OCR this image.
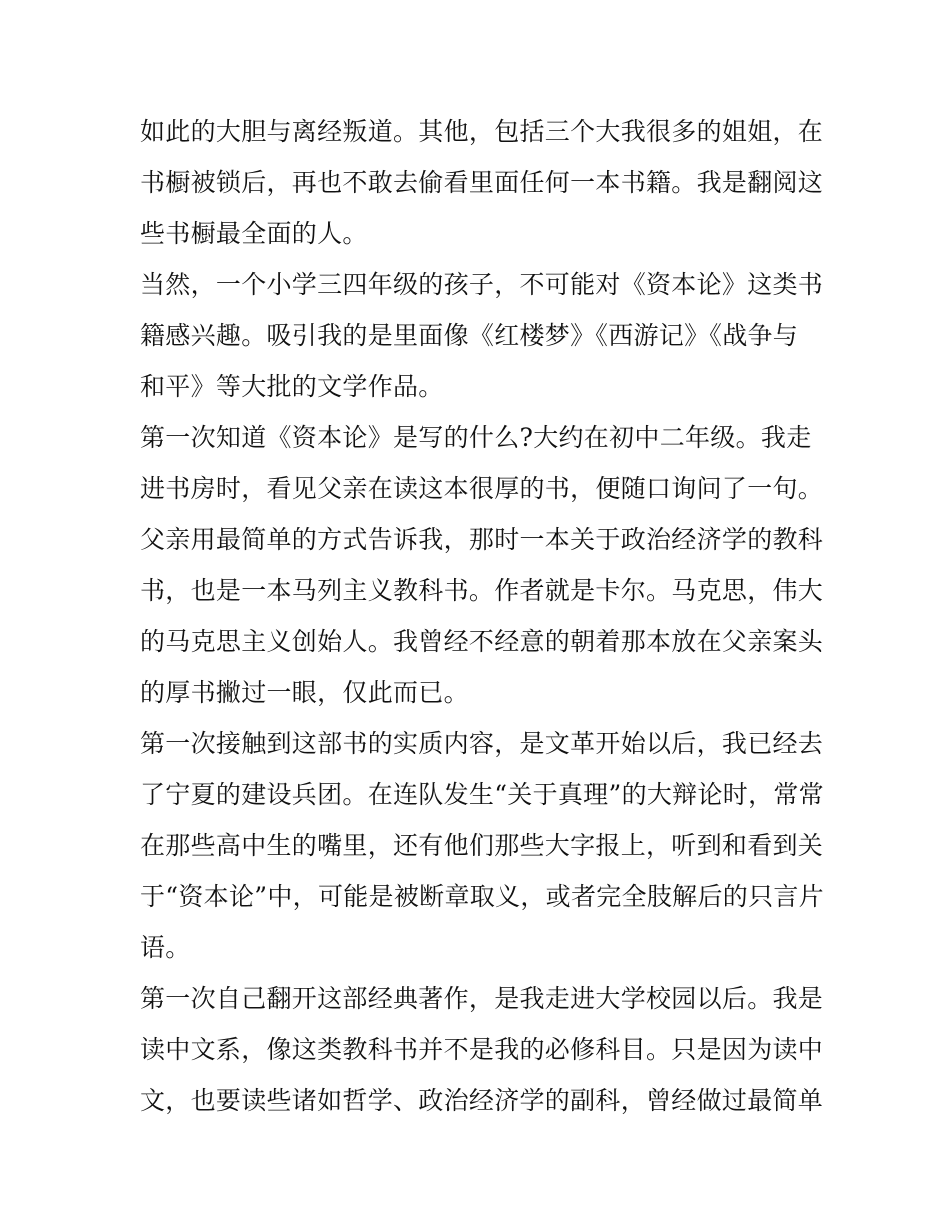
如此的大胆与离经叛道。其他，包括三个大我很多的姐姐，在
书橱被锁后，再也不敢去偷看里面任何一本书籍。我是翻阅这
些书橱最全面的人。
当然，一个小学三四年级的孩子，不可能对《资本论》这类书
籍感兴趣。吸引我的是里面像《红楼梦》《西游记》《战争与
和平》等大批的文学作品。
第一次知道《资本论》是写的什么?大约在初中二年级。我走
进书房时，看见父亲在读这本很厚的书，便随口询问了一句。
父亲用最简单的方式告诉我，那时一本关于政治经济学的教科
书，也是一本马列主义教科书。作者就是卡尔。马克思，伟大
的马克思主义创始人。我曾经不经意的朝着那本放在父亲案头
的厚书撇过一眼，仅此而已。
第一次接触到这部书的实质内容，是文革开始以后，我已经去
了宁夏的建设兵团。在连队发生“关于真理”的大辩论时，常常
在那些高中生的嘴里，还有他们那些大字报上，听到和看到关
于“资本论”中，可能是被断章取义，或者完全肢解后的只言片
语。
第一次自己翻开这部经典著作，是我走进大学校园以后。我是
读中文系，像这类教科书并不是我的必修科目。只是因为读中
文，也要读些诸如哲学、政治经济学的副科，曾经做过最简单
